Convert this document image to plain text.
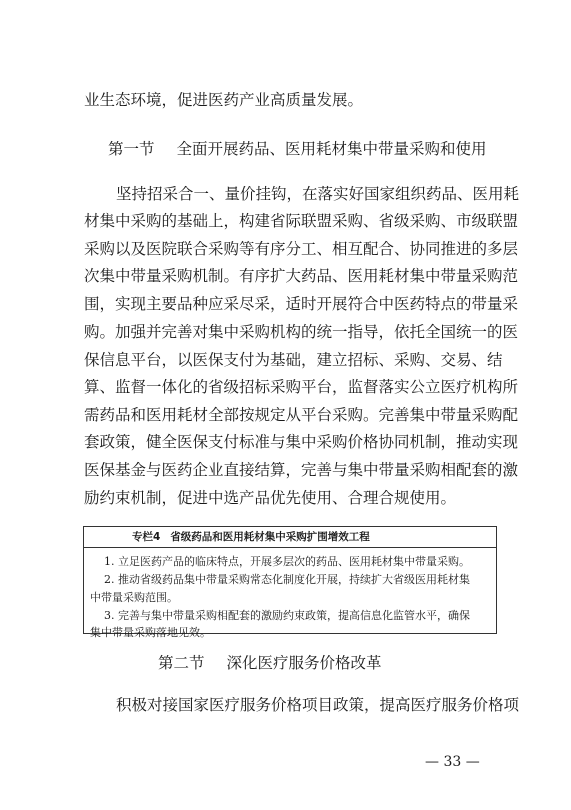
业生态环境，促进医药产业高质量发展。
第一节 全面开展药品、医用耗材集中带量采购和使用
坚持招采合一、量价挂钩，在落实好国家组织药品、医用耗
材集中采购的基础上，构建省际联盟采购、省级采购、市级联盟
采购以及医院联合采购等有序分工、相互配合、协同推进的多层
次集中带量采购机制。有序扩大药品、医用耗材集中带量采购范
围，实现主要品种应采尽采，适时开展符合中医药特点的带量采
购。加强并完善对集中采购机构的统一指导，依托全国统一的医
保信息平台，以医保支付为基础，建立招标、采购、交易、结
算、监督一体化的省级招标采购平台，监督落实公立医疗机构所
需药品和医用耗材全部按规定从平台采购。完善集中带量采购配
套政策，健全医保支付标准与集中采购价格协同机制，推动实现
医保基金与医药企业直接结算，完善与集中带量采购相配套的激
励约束机制，促进中选产品优先使用、合理合规使用。
专栏4 省级药品和医用耗材集中采购扩围增效工程
1. 立足医药产品的临床特点，开展多层次的药品、医用耗材集中带量采购。
2. 推动省级药品集中带量采购常态化制度化开展，持续扩大省级医用耗材集
中带量采购范围。
3. 完善与集中带量采购相配套的激励约束政策，提高信息化监管水平，确保
集中带量采购落地见效。
第二节 深化医疗服务价格改革
积极对接国家医疗服务价格项目政策，提高医疗服务价格项
— 33 —
